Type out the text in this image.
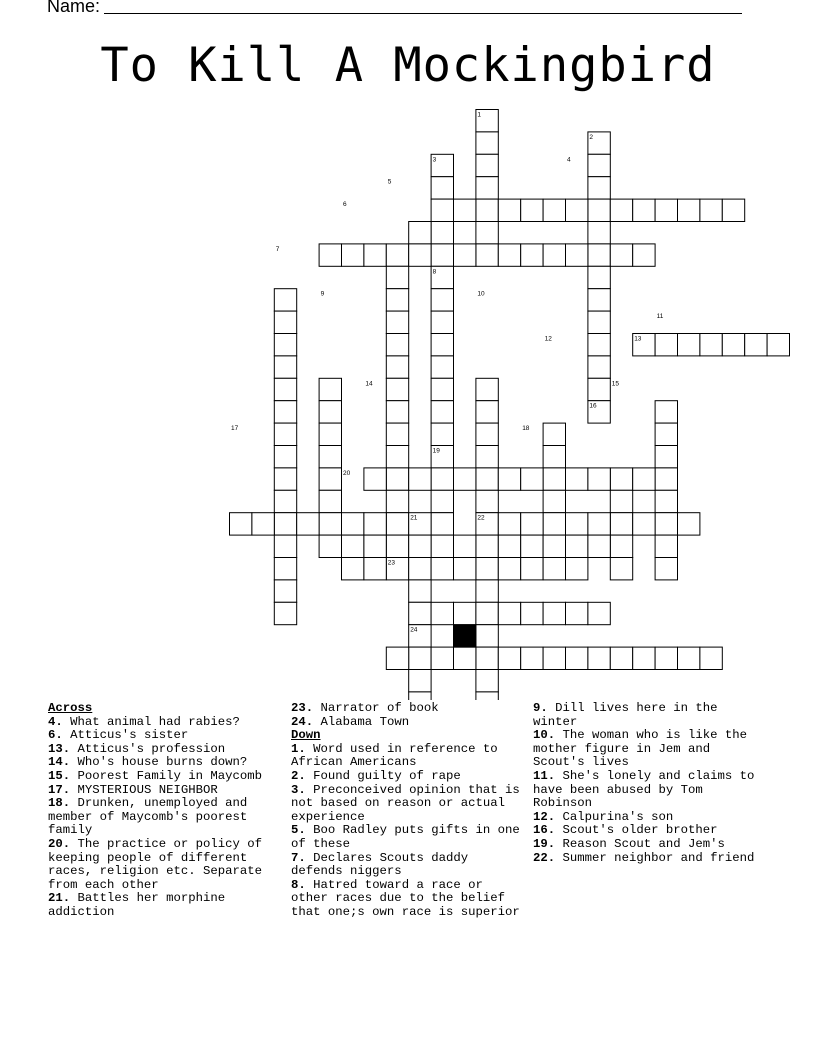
Name:
To Kill A Mockingbird
1
2
3	4
5
6
7
8
9	10
11
12	13
14	15
16
17	18
19
20
21	22
23
24

Across

4. What animal had rabies?

6. Atticus's sister

13. Atticus's profession

14. Who's house burns down?

15. Poorest Family in Maycomb

17. MYSTERIOUS NEIGHBOR

18. Drunken, unemployed and member of Maycomb's poorest family

20. The practice or policy of keeping people of different races, religion etc. Separate from each other

21. Battles her morphine addiction

23. Narrator of book

24. Alabama Town

Down

1. Word used in reference to African Americans

2. Found guilty of rape

3. Preconceived opinion that is not based on reason or actual experience

5. Boo Radley puts gifts in one of these

7. Declares Scouts daddy defends niggers

8. Hatred toward a race or other races due to the belief that one;s own race is superior

9. Dill lives here in the winter

10. The woman who is like the mother figure in Jem and Scout's lives

11. She's lonely and claims to have been abused by Tom Robinson

12. Calpurina's son

16. Scout's older brother

19. Reason Scout and Jem's

22. Summer neighbor and friend
